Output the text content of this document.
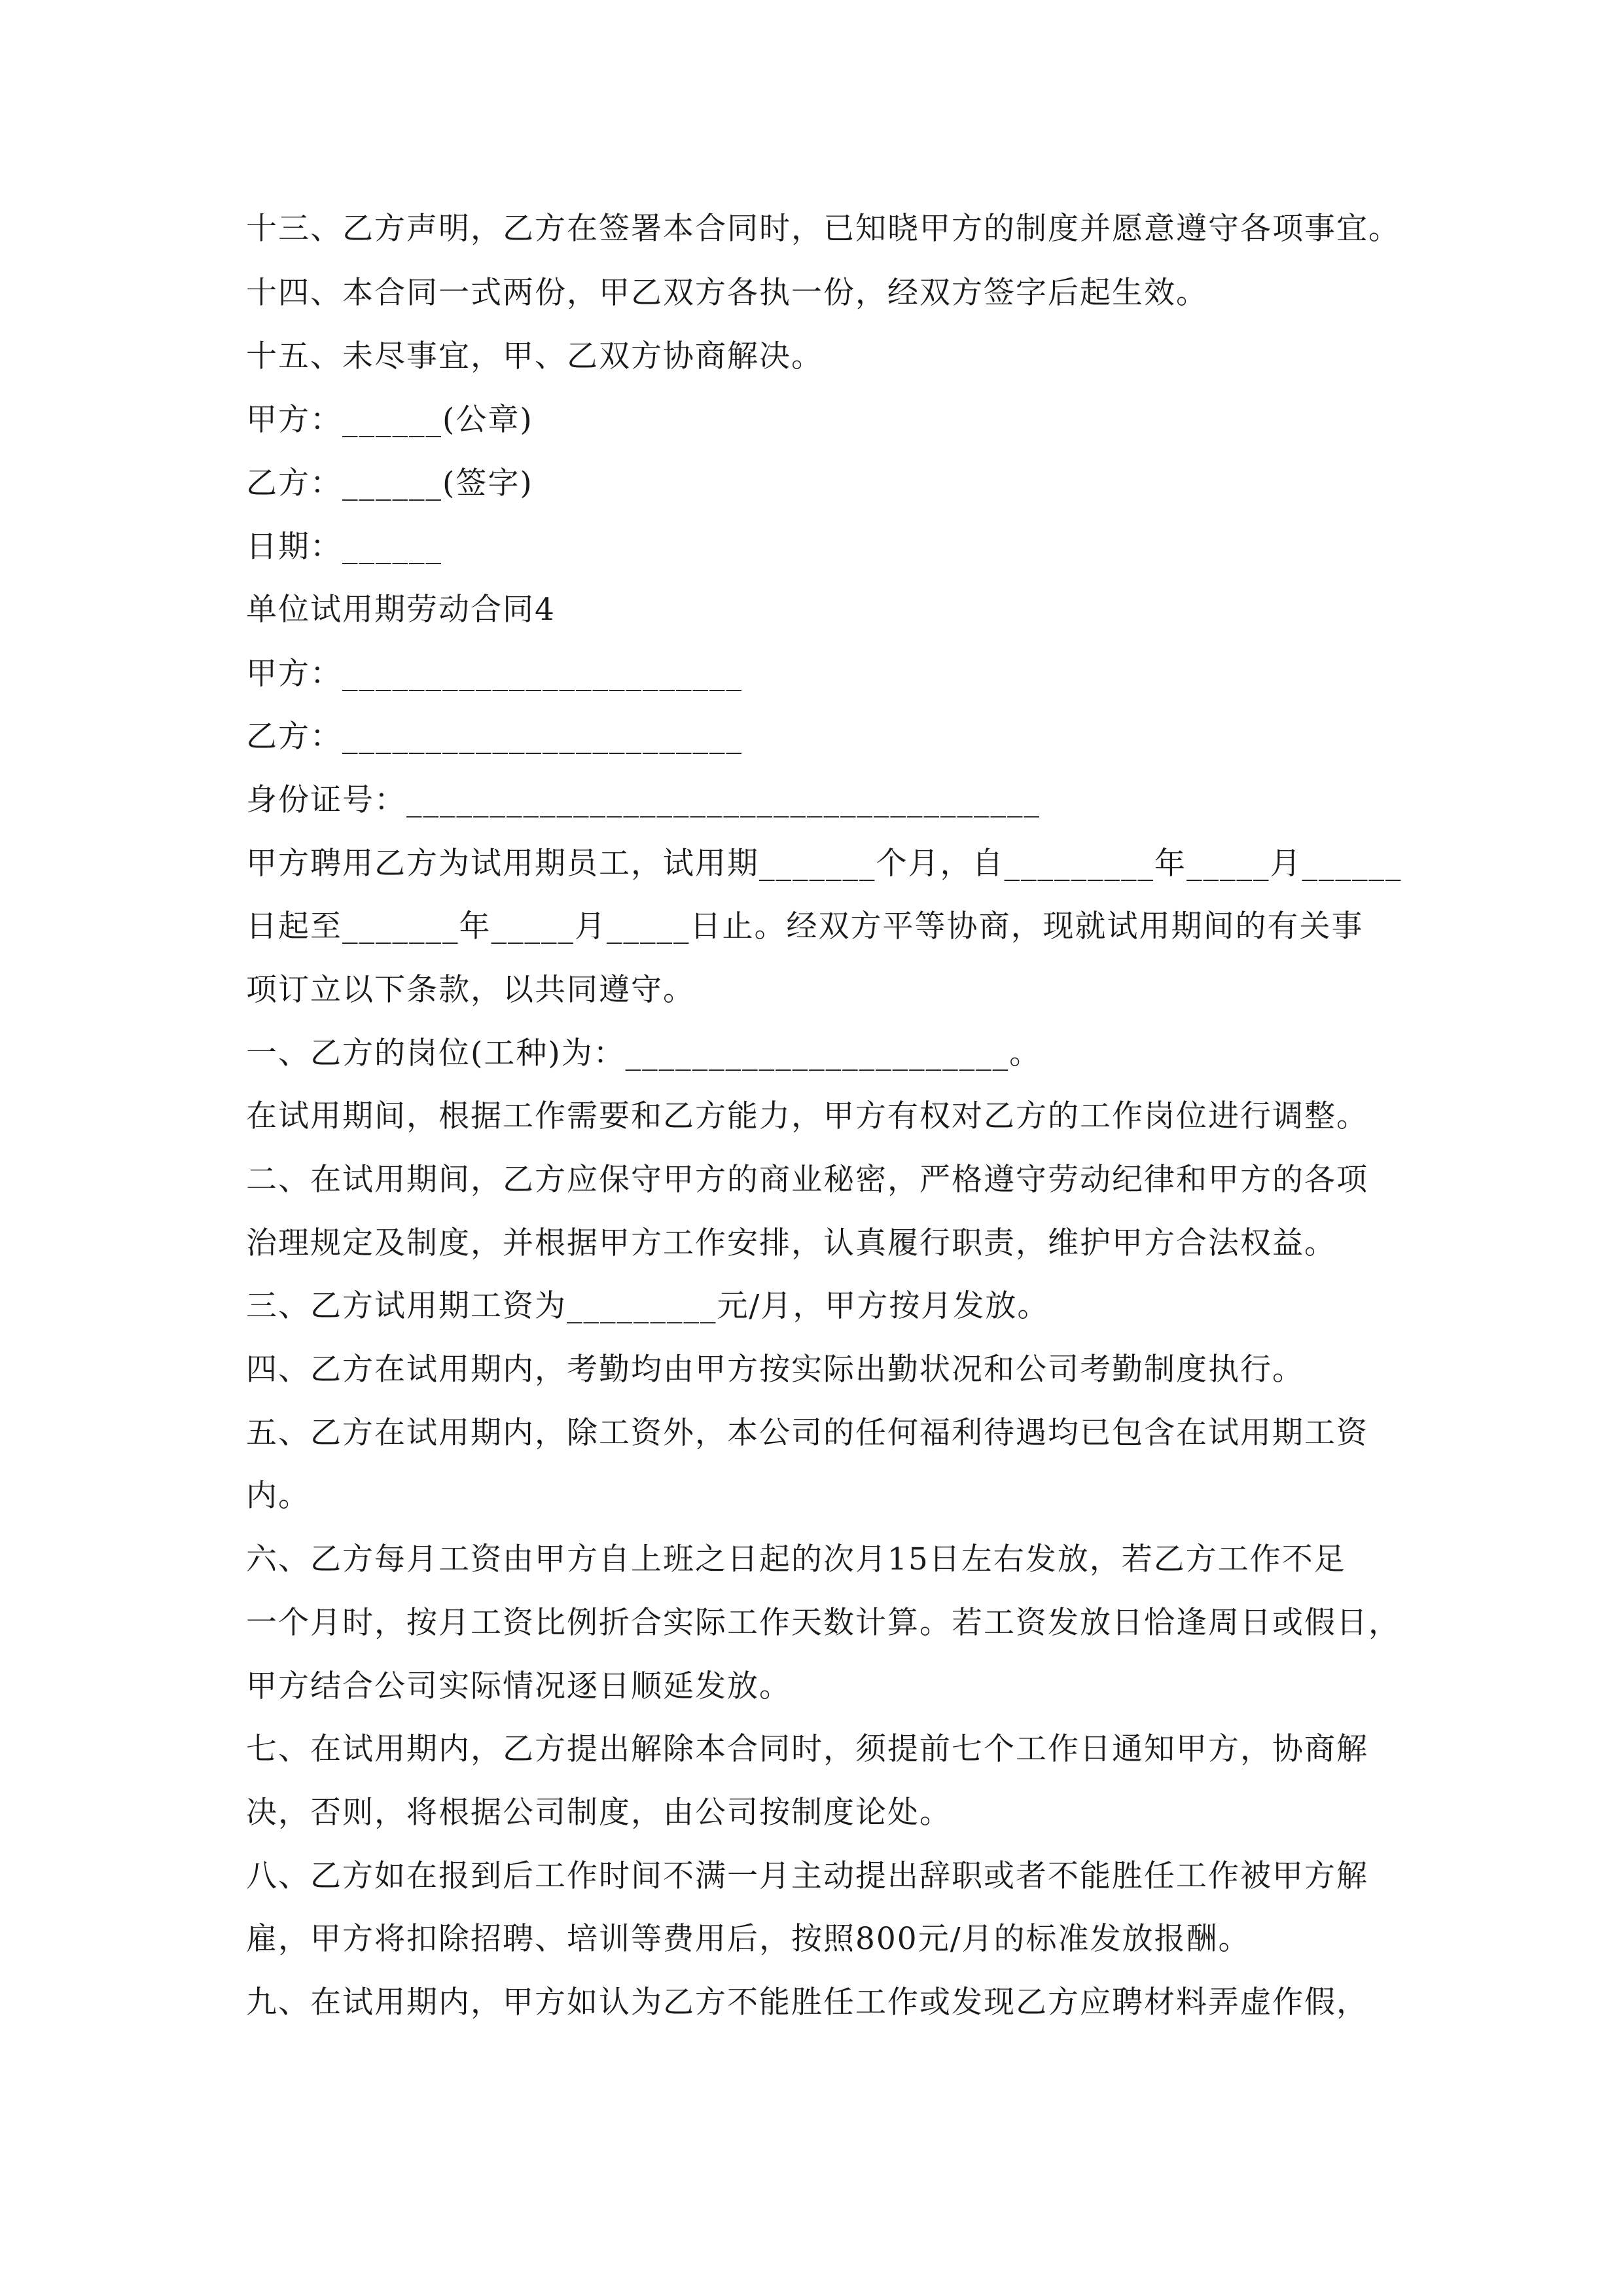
十三、乙方声明，乙方在签署本合同时，已知晓甲方的制度并愿意遵守各项事宜。
十四、本合同一式两份，甲乙双方各执一份，经双方签字后起生效。
十五、未尽事宜，甲、乙双方协商解决。
甲方：______(公章)
乙方：______(签字)
日期：______
单位试用期劳动合同4
甲方：________________________
乙方：________________________
身份证号：______________________________________
甲方聘用乙方为试用期员工，试用期_______个月，自_________年_____月______
日起至_______年_____月_____日止。经双方平等协商，现就试用期间的有关事
项订立以下条款，以共同遵守。
一、乙方的岗位(工种)为：_______________________。
在试用期间，根据工作需要和乙方能力，甲方有权对乙方的工作岗位进行调整。
二、在试用期间，乙方应保守甲方的商业秘密，严格遵守劳动纪律和甲方的各项
治理规定及制度，并根据甲方工作安排，认真履行职责，维护甲方合法权益。
三、乙方试用期工资为_________元/月，甲方按月发放。
四、乙方在试用期内，考勤均由甲方按实际出勤状况和公司考勤制度执行。
五、乙方在试用期内，除工资外，本公司的任何福利待遇均已包含在试用期工资
内。
六、乙方每月工资由甲方自上班之日起的次月15日左右发放，若乙方工作不足
一个月时，按月工资比例折合实际工作天数计算。若工资发放日恰逢周日或假日，
甲方结合公司实际情况逐日顺延发放。
七、在试用期内，乙方提出解除本合同时，须提前七个工作日通知甲方，协商解
决，否则，将根据公司制度，由公司按制度论处。
八、乙方如在报到后工作时间不满一月主动提出辞职或者不能胜任工作被甲方解
雇，甲方将扣除招聘、培训等费用后，按照800元/月的标准发放报酬。
九、在试用期内，甲方如认为乙方不能胜任工作或发现乙方应聘材料弄虚作假，
